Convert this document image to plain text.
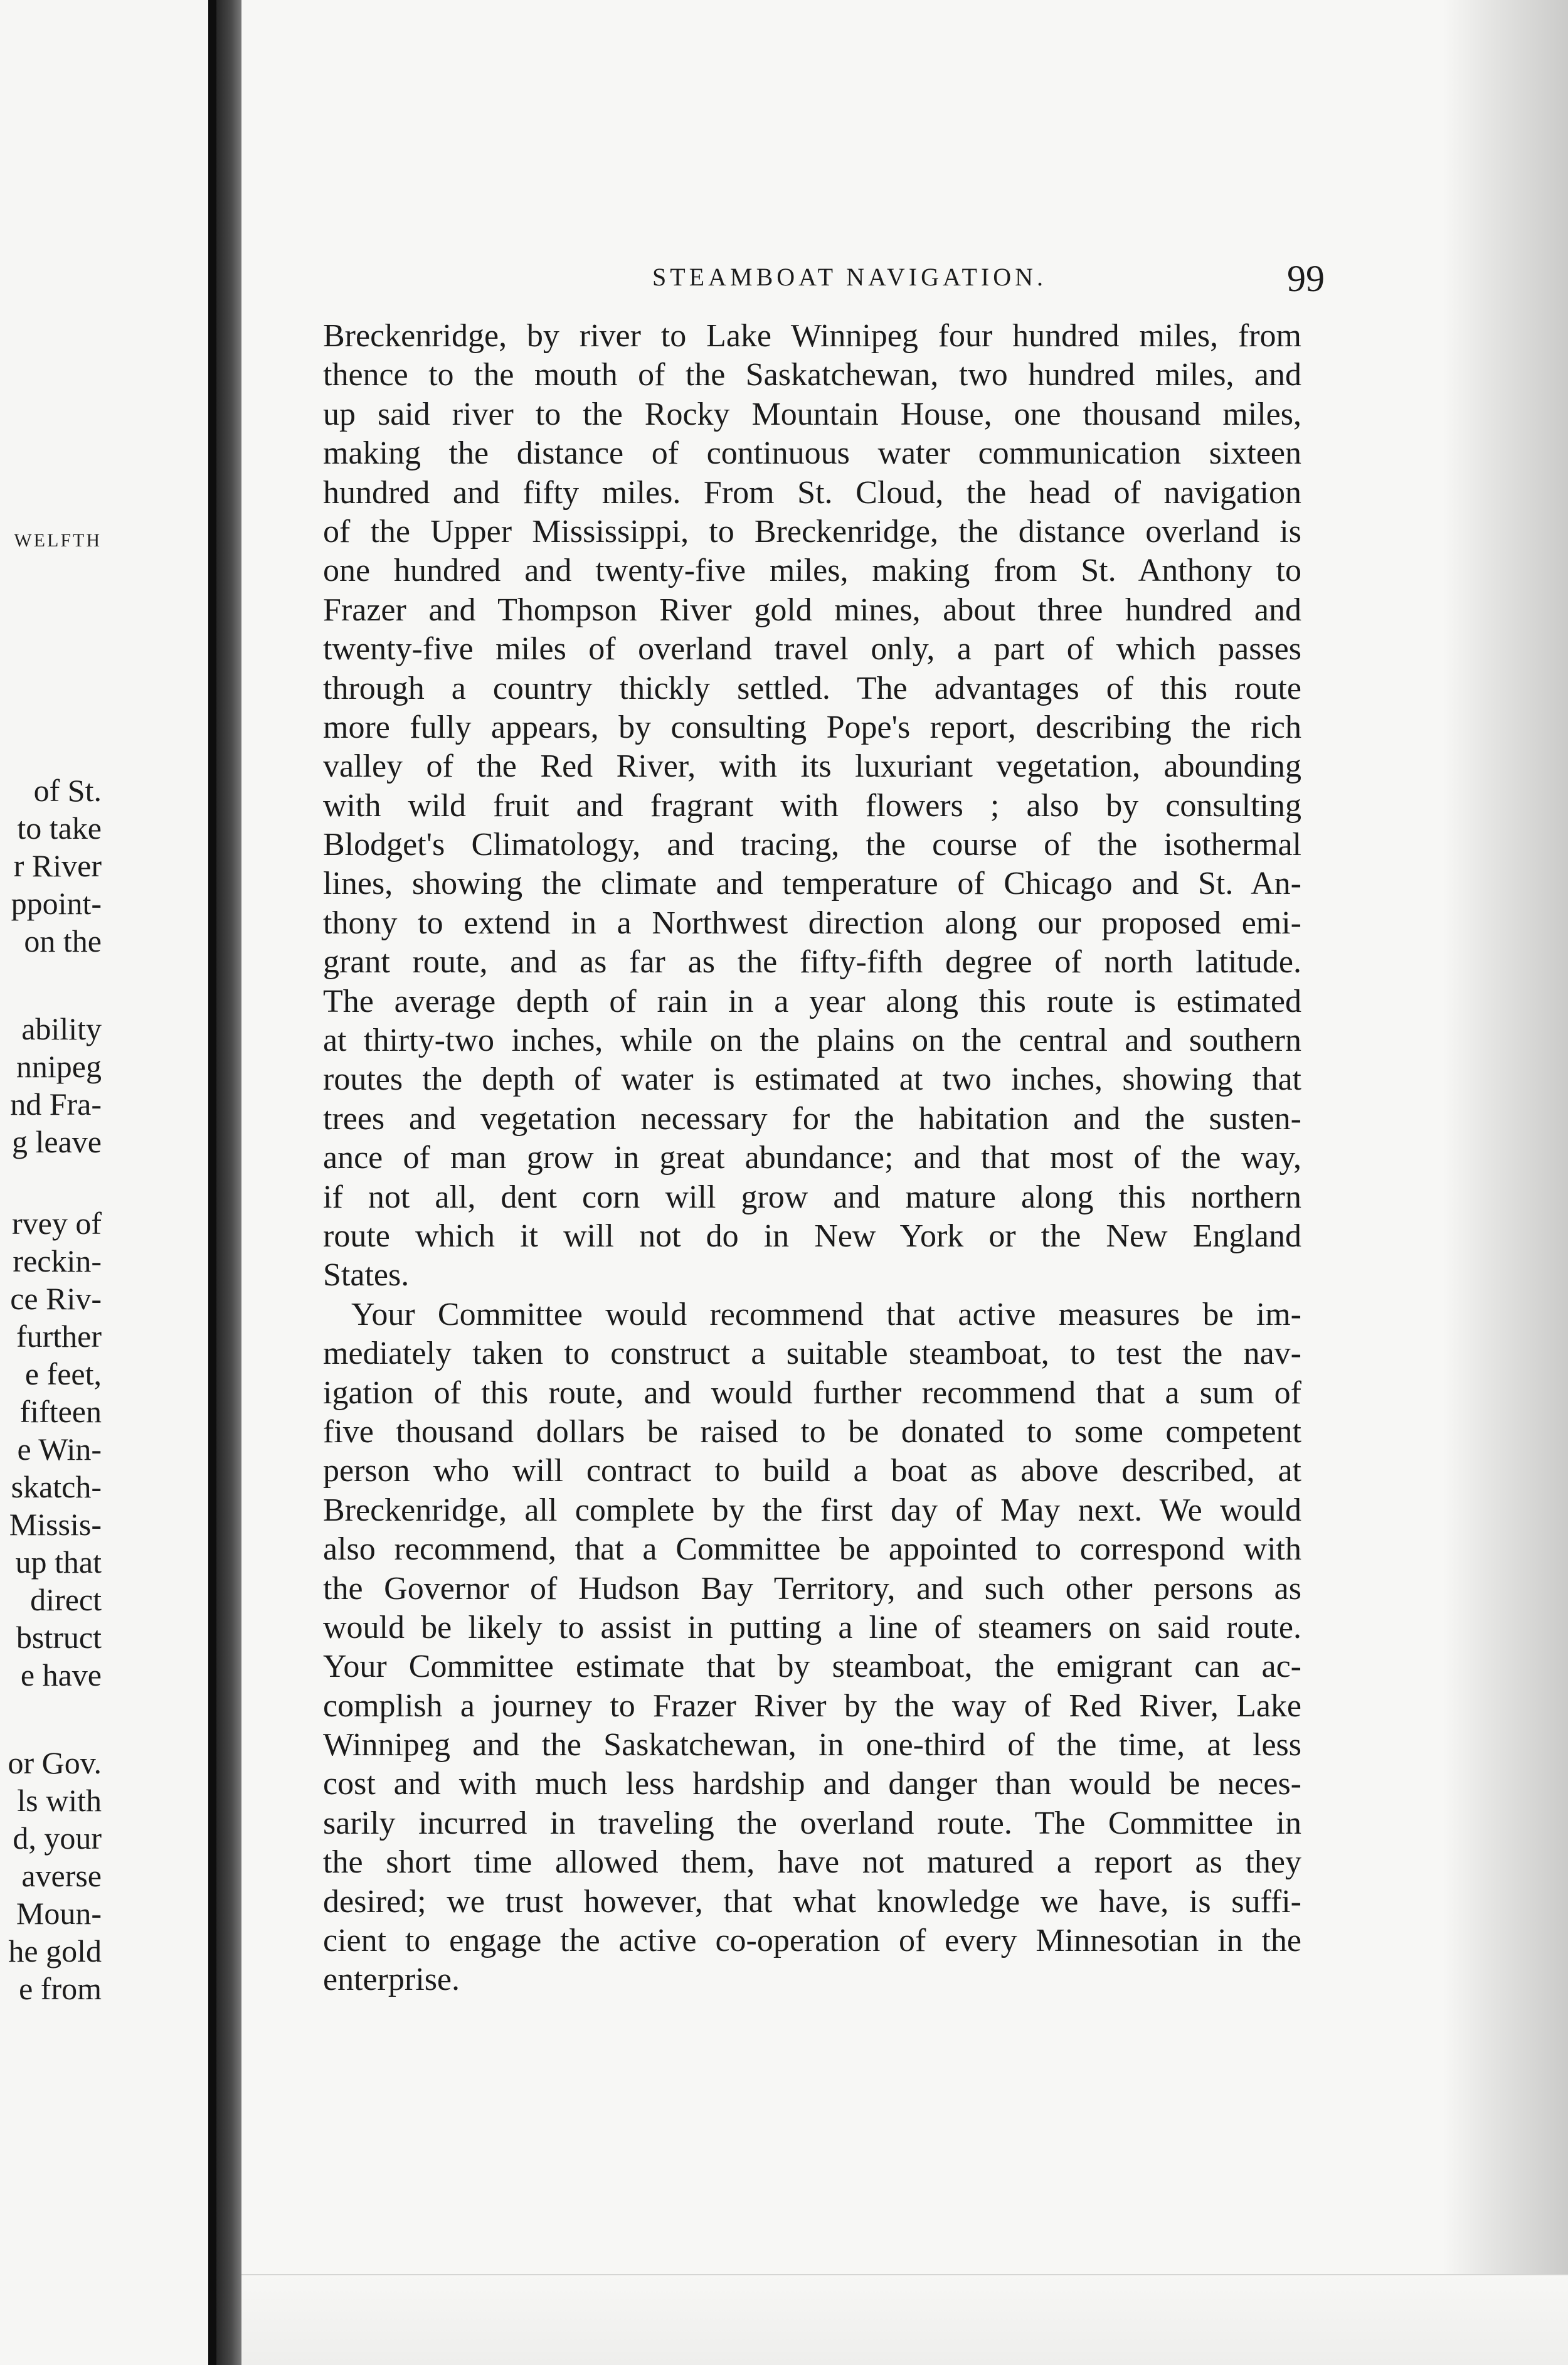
WELFTH
of St.
to take
r River
ppoint-
on the
ability
nnipeg
nd Fra-
g leave
rvey of
reckin-
ce Riv-
further
e feet,
fifteen
e Win-
skatch-
Missis-
up that
direct
bstruct
e have
or Gov.
ls with
d, your
averse
Moun-
he gold
e from
STEAMBOAT NAVIGATION.	99
Breckenridge, by river to Lake Winnipeg four hundred miles, from
thence to the mouth of the Saskatchewan, two hundred miles, and
up said river to the Rocky Mountain House, one thousand miles,
making the distance of continuous water communication sixteen
hundred and fifty miles. From St. Cloud, the head of navigation
of the Upper Mississippi, to Breckenridge, the distance overland is
one hundred and twenty-five miles, making from St. Anthony to
Frazer and Thompson River gold mines, about three hundred and
twenty-five miles of overland travel only, a part of which passes
through a country thickly settled. The advantages of this route
more fully appears, by consulting Pope's report, describing the rich
valley of the Red River, with its luxuriant vegetation, abounding
with wild fruit and fragrant with flowers ; also by consulting
Blodget's Climatology, and tracing, the course of the isothermal
lines, showing the climate and temperature of Chicago and St. An-
thony to extend in a Northwest direction along our proposed emi-
grant route, and as far as the fifty-fifth degree of north latitude.
The average depth of rain in a year along this route is estimated
at thirty-two inches, while on the plains on the central and southern
routes the depth of water is estimated at two inches, showing that
trees and vegetation necessary for the habitation and the susten-
ance of man grow in great abundance; and that most of the way,
if not all, dent corn will grow and mature along this northern
route which it will not do in New York or the New England
States.
Your Committee would recommend that active measures be im-
mediately taken to construct a suitable steamboat, to test the nav-
igation of this route, and would further recommend that a sum of
five thousand dollars be raised to be donated to some competent
person who will contract to build a boat as above described, at
Breckenridge, all complete by the first day of May next. We would
also recommend, that a Committee be appointed to correspond with
the Governor of Hudson Bay Territory, and such other persons as
would be likely to assist in putting a line of steamers on said route.
Your Committee estimate that by steamboat, the emigrant can ac-
complish a journey to Frazer River by the way of Red River, Lake
Winnipeg and the Saskatchewan, in one-third of the time, at less
cost and with much less hardship and danger than would be neces-
sarily incurred in traveling the overland route. The Committee in
the short time allowed them, have not matured a report as they
desired; we trust however, that what knowledge we have, is suffi-
cient to engage the active co-operation of every Minnesotian in the
enterprise.
